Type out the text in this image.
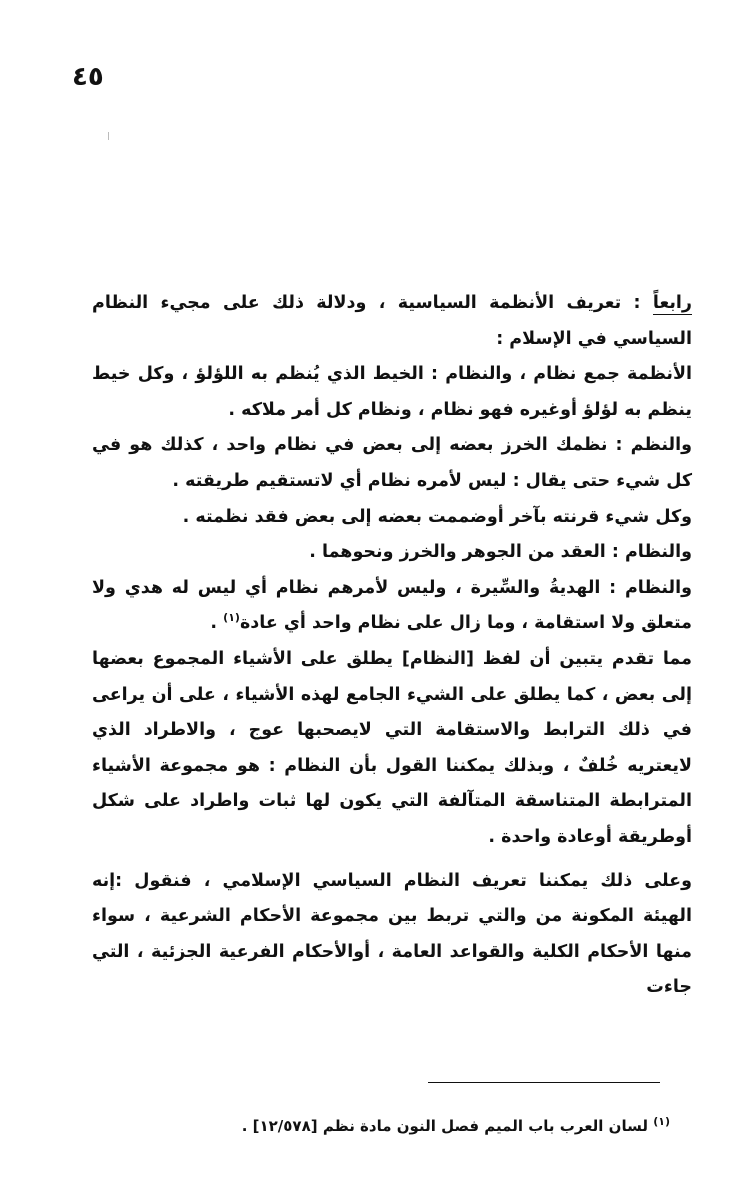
٤٥

رابعاً : تعريف الأنظمة السياسية ، ودلالة ذلك على مجيء النظام السياسي في الإسلام :

الأنظمة جمع نظام ، والنظام : الخيط الذي يُنظم به اللؤلؤ ، وكل خيط ينظم به لؤلؤ أوغيره فهو نظام ، ونظام كل أمر ملاكه .

والنظم : نظمك الخرز بعضه إلى بعض في نظام واحد ، كذلك هو في كل شيء حتى يقال : ليس لأمره نظام أي لاتستقيم طريقته .

وكل شيء قرنته بآخر أوضممت بعضه إلى بعض فقد نظمته .

والنظام : العقد من الجوهر والخرز ونحوهما .

والنظام : الهديةُ والسِّيرة ، وليس لأمرهم نظام أي ليس له هدي ولا متعلق ولا استقامة ، وما زال على نظام واحد أي عادة$^{(١)}$ .

مما تقدم يتبين أن لفظ [النظام] يطلق على الأشياء المجموع بعضها إلى بعض ، كما يطلق على الشيء الجامع لهذه الأشياء ، على أن يراعى في ذلك الترابط والاستقامة التي لايصحبها عوج ، والاطراد الذي لايعتريه خُلفٌ ، وبذلك يمكننا القول بأن النظام : هو مجموعة الأشياء المترابطة المتناسقة المتآلفة التي يكون لها ثبات واطراد على شكل أوطريقة أوعادة واحدة .

وعلى ذلك يمكننا تعريف النظام السياسي الإسلامي ، فنقول :إنه الهيئة المكونة من والتي تربط بين مجموعة الأحكام الشرعية ، سواء منها الأحكام الكلية والقواعد العامة ، أوالأحكام الفرعية الجزئية ، التي جاءت

$^{(١)}$ لسان العرب باب الميم فصل النون مادة نظم [١٢/٥٧٨] .
